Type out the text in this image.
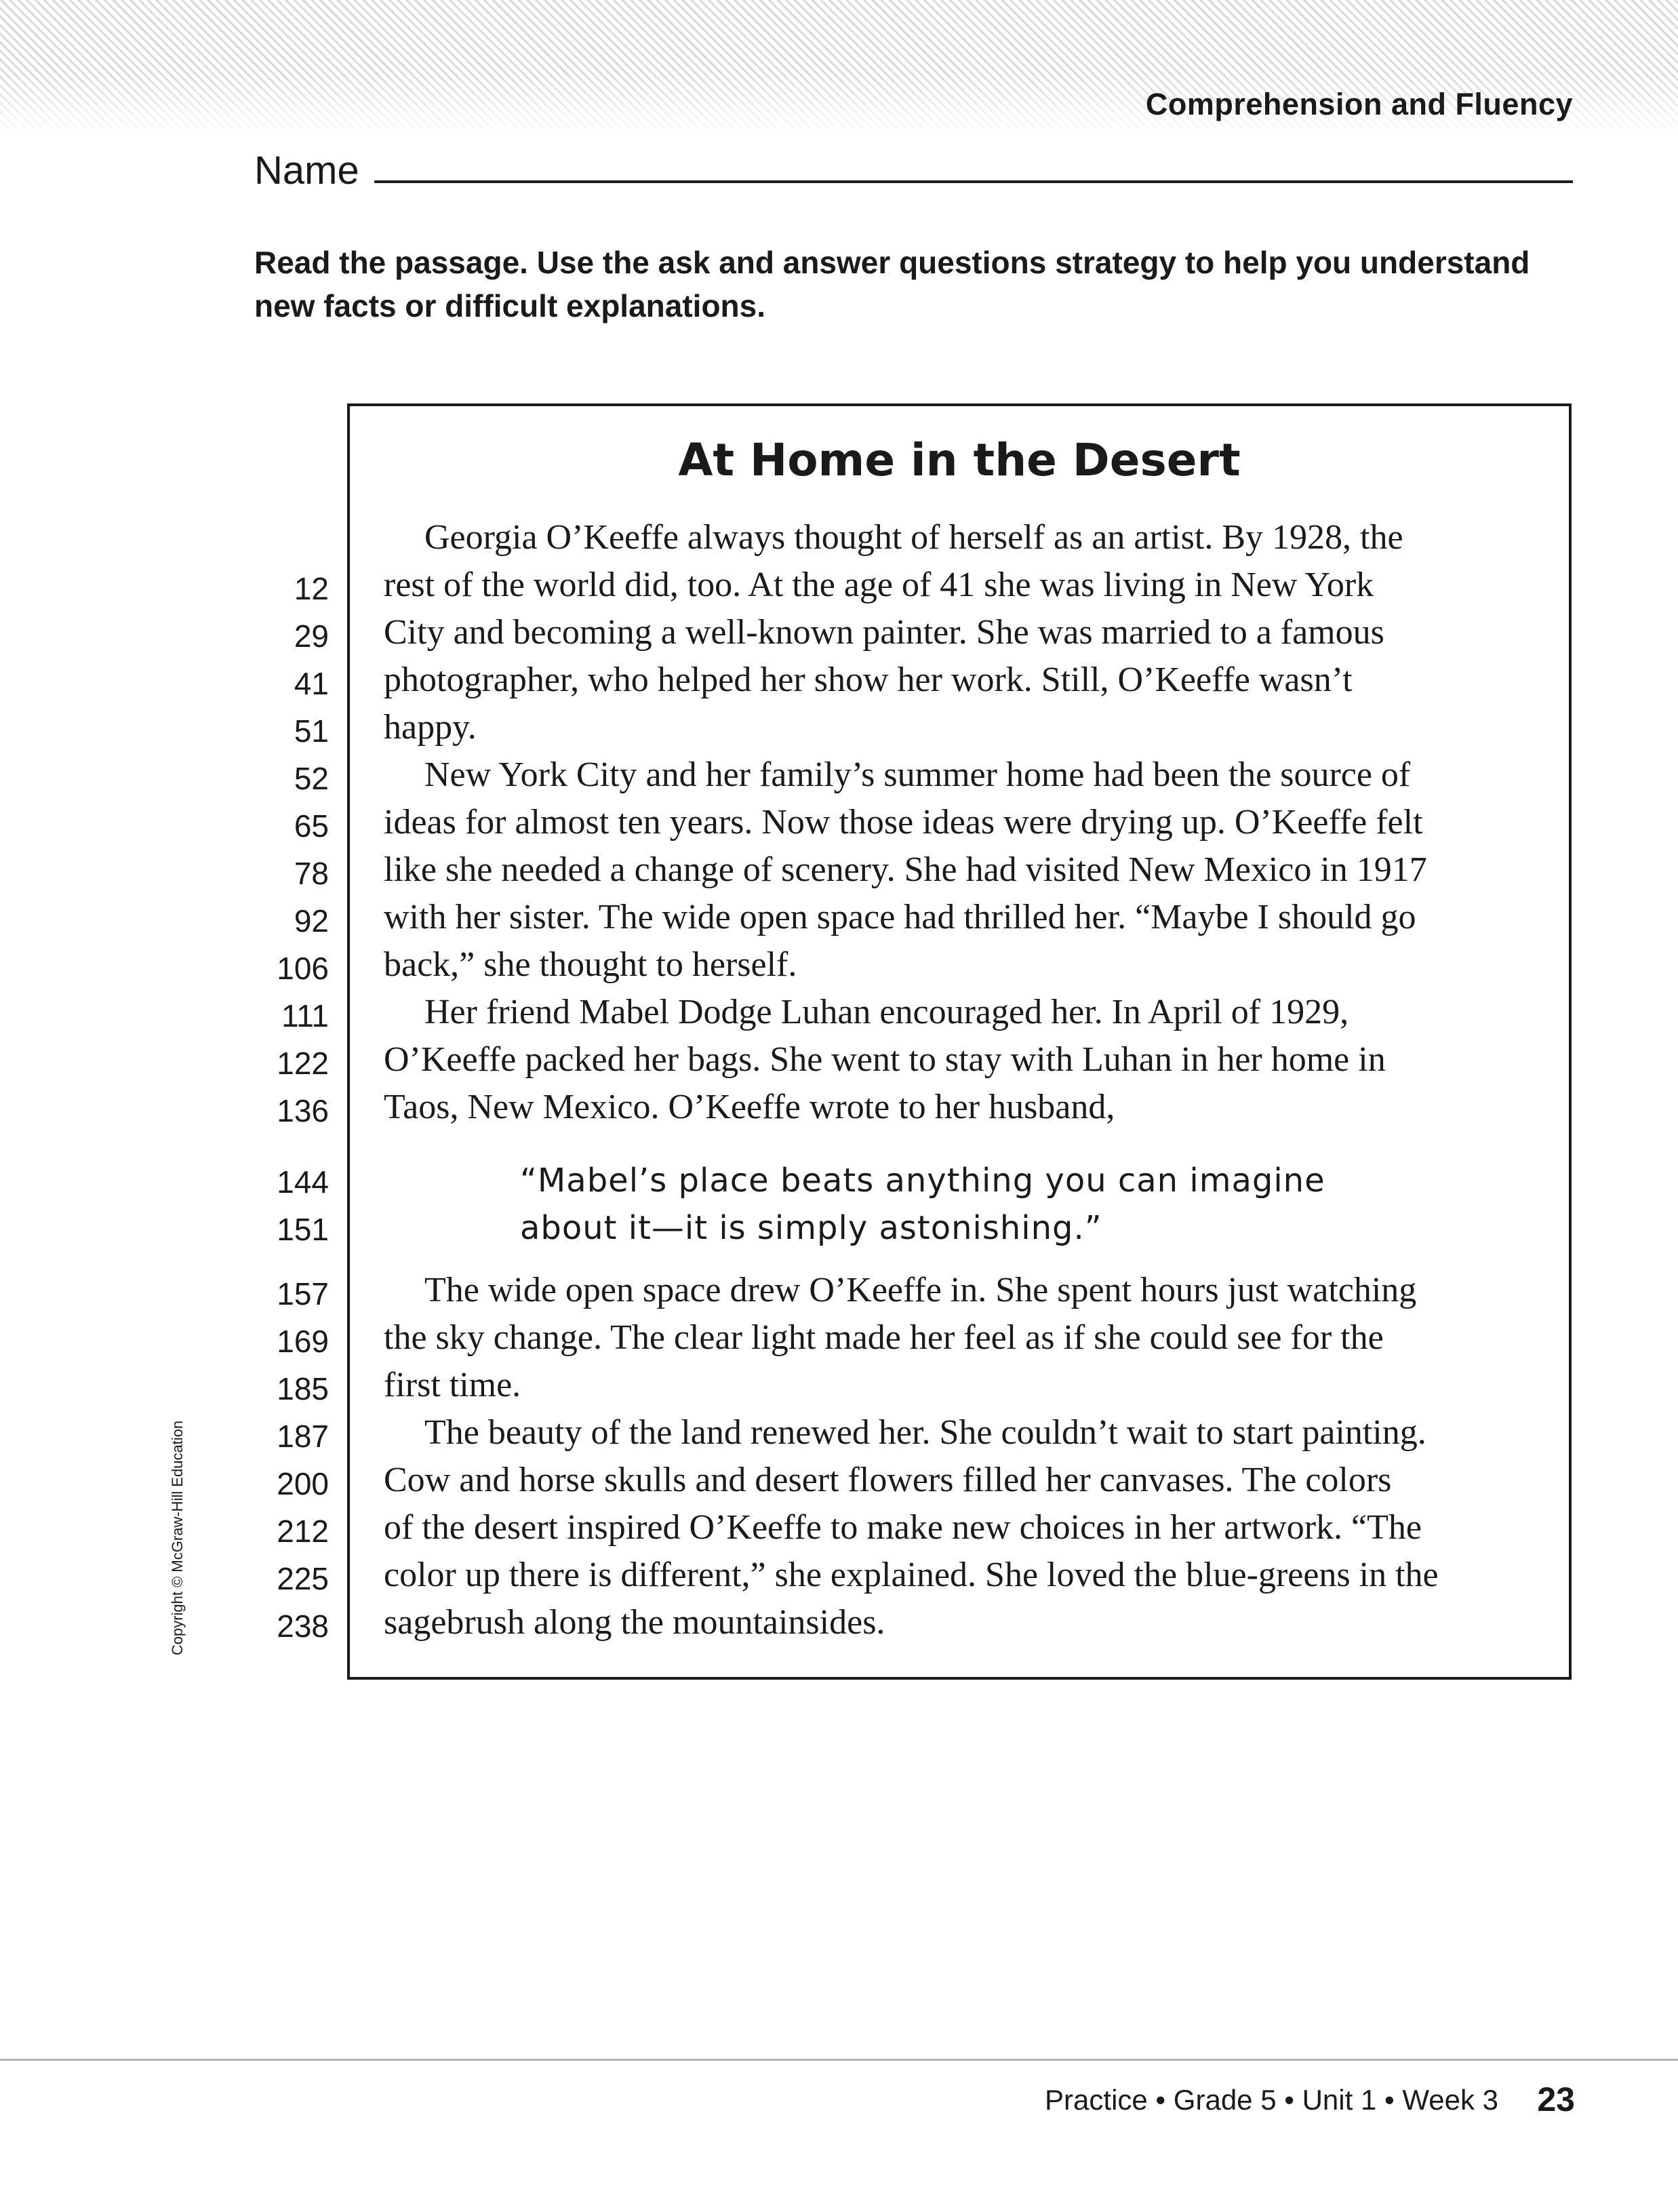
Comprehension and Fluency
Name
Read the passage. Use the ask and answer questions strategy to help you understand new facts or difficult explanations.
At Home in the Desert
Georgia O’Keeffe always thought of herself as an artist. By 1928, the
rest of the world did, too. At the age of 41 she was living in New York
City and becoming a well-known painter. She was married to a famous
photographer, who helped her show her work. Still, O’Keeffe wasn’t
happy.
New York City and her family’s summer home had been the source of
ideas for almost ten years. Now those ideas were drying up. O’Keeffe felt
like she needed a change of scenery. She had visited New Mexico in 1917
with her sister. The wide open space had thrilled her. “Maybe I should go
back,” she thought to herself.
Her friend Mabel Dodge Luhan encouraged her. In April of 1929,
O’Keeffe packed her bags. She went to stay with Luhan in her home in
Taos, New Mexico. O’Keeffe wrote to her husband,
“Mabel’s place beats anything you can imagine
about it—it is simply astonishing.”
The wide open space drew O’Keeffe in. She spent hours just watching
the sky change. The clear light made her feel as if she could see for the
first time.
The beauty of the land renewed her. She couldn’t wait to start painting.
Cow and horse skulls and desert flowers filled her canvases. The colors
of the desert inspired O’Keeffe to make new choices in her artwork. “The
color up there is different,” she explained. She loved the blue-greens in the
sagebrush along the mountainsides.
12
29
41
51
52
65
78
92
106
111
122
136
144
151
157
169
185
187
200
212
225
238
Copyright © McGraw-Hill Education
Practice • Grade 5 • Unit 1 • Week 3 23
